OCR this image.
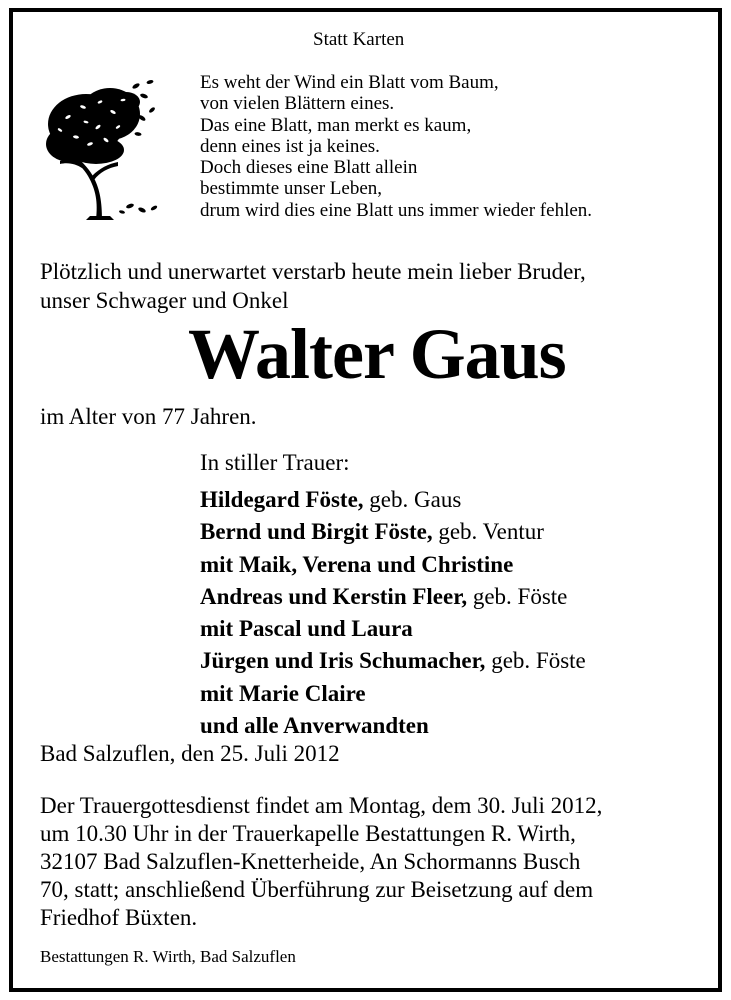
Statt Karten
Es weht der Wind ein Blatt vom Baum,
von vielen Blättern eines.
Das eine Blatt, man merkt es kaum,
denn eines ist ja keines.
Doch dieses eine Blatt allein
bestimmte unser Leben,
drum wird dies eine Blatt uns immer wieder fehlen.
Plötzlich und unerwartet verstarb heute mein lieber Bruder,
unser Schwager und Onkel
Walter Gaus
im Alter von 77 Jahren.
In stiller Trauer:
Hildegard Föste, geb. Gaus
Bernd und Birgit Föste, geb. Ventur
mit Maik, Verena und Christine
Andreas und Kerstin Fleer, geb. Föste
mit Pascal und Laura
Jürgen und Iris Schumacher, geb. Föste
mit Marie Claire
und alle Anverwandten
Bad Salzuflen, den 25. Juli 2012
Der Trauergottesdienst findet am Montag, dem 30. Juli 2012,
um 10.30 Uhr in der Trauerkapelle Bestattungen R. Wirth,
32107 Bad Salzuflen-Knetterheide, An Schormanns Busch
70, statt; anschließend Überführung zur Beisetzung auf dem
Friedhof Büxten.
Bestattungen R. Wirth, Bad Salzuflen
